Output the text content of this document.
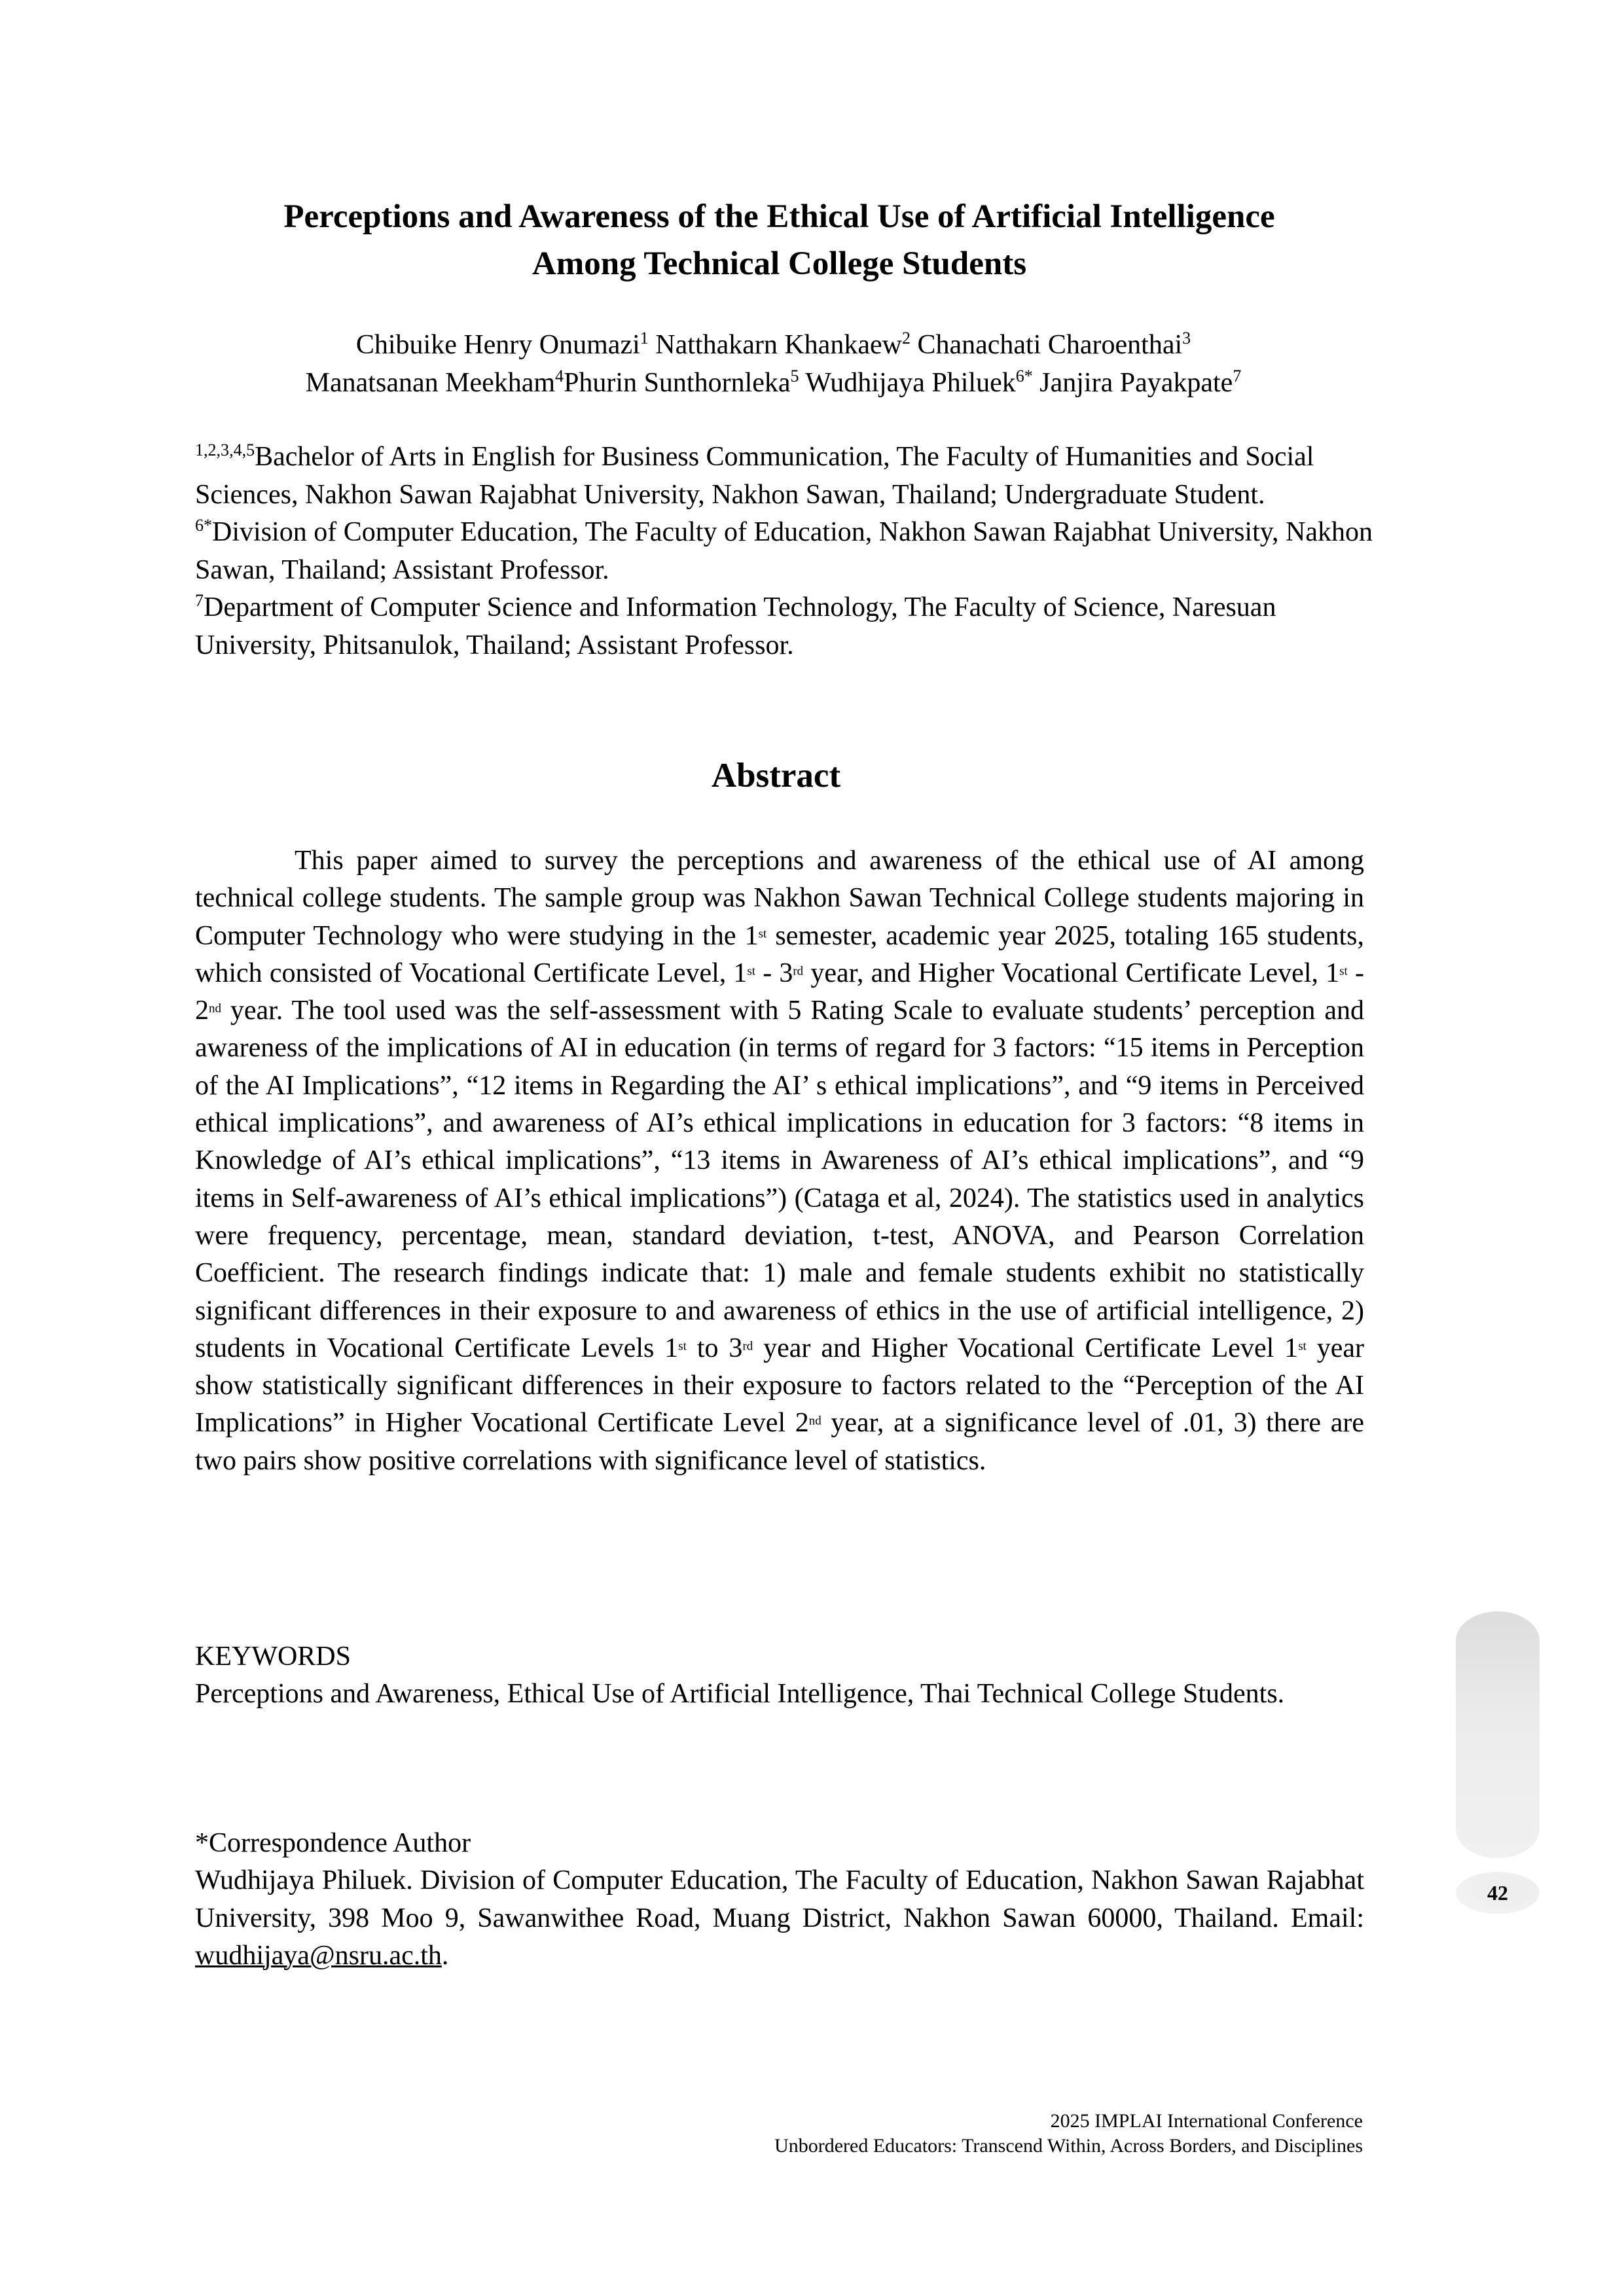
Perceptions and Awareness of the Ethical Use of Artificial Intelligence
Among Technical College Students
Chibuike Henry Onumazi$^1$ Natthakarn Khankaew$^2$ Chanachati Charoenthai$^3$
Manatsanan Meekham$^4$Phurin Sunthornleka$^5$ Wudhijaya Philuek$^{6*}$ Janjira Payakpate$^7$
$^{1,2,3,4,5}$Bachelor of Arts in English for Business Communication, The Faculty of Humanities and Social Sciences, Nakhon Sawan Rajabhat University, Nakhon Sawan, Thailand; Undergraduate Student.
$^{6*}$Division of Computer Education, The Faculty of Education, Nakhon Sawan Rajabhat University, Nakhon Sawan, Thailand; Assistant Professor.
$^7$Department of Computer Science and Information Technology, The Faculty of Science, Naresuan University, Phitsanulok, Thailand; Assistant Professor.
Abstract
This paper aimed to survey the perceptions and awareness of the ethical use of AI among technical college students. The sample group was Nakhon Sawan Technical College students majoring in Computer Technology who were studying in the 1st semester, academic year 2025, totaling 165 students, which consisted of Vocational Certificate Level, 1st - 3rd year, and Higher Vocational Certificate Level, 1st - 2nd year. The tool used was the self-assessment with 5 Rating Scale to evaluate students’ perception and awareness of the implications of AI in education (in terms of regard for 3 factors: “15 items in Perception of the AI Implications”, “12 items in Regarding the AI’ s ethical implications”, and “9 items in Perceived ethical implications”, and awareness of AI’s ethical implications in education for 3 factors: “8 items in Knowledge of AI’s ethical implications”, “13 items in Awareness of AI’s ethical implications”, and “9 items in Self-awareness of AI’s ethical implications”) (Cataga et al, 2024). The statistics used in analytics were frequency, percentage, mean, standard deviation, t-test, ANOVA, and Pearson Correlation Coefficient. The research findings indicate that: 1) male and female students exhibit no statistically significant differences in their exposure to and awareness of ethics in the use of artificial intelligence, 2) students in Vocational Certificate Levels 1st to 3rd year and Higher Vocational Certificate Level 1st year show statistically significant differences in their exposure to factors related to the “Perception of the AI Implications” in Higher Vocational Certificate Level 2nd year, at a significance level of .01, 3) there are two pairs show positive correlations with significance level of statistics.
KEYWORDS
Perceptions and Awareness, Ethical Use of Artificial Intelligence, Thai Technical College Students.
*Correspondence Author
Wudhijaya Philuek. Division of Computer Education, The Faculty of Education, Nakhon Sawan Rajabhat University, 398 Moo 9, Sawanwithee Road, Muang District, Nakhon Sawan 60000, Thailand. Email: wudhijaya@nsru.ac.th.
2025 IMPLAI International Conference
Unbordered Educators: Transcend Within, Across Borders, and Disciplines
42
